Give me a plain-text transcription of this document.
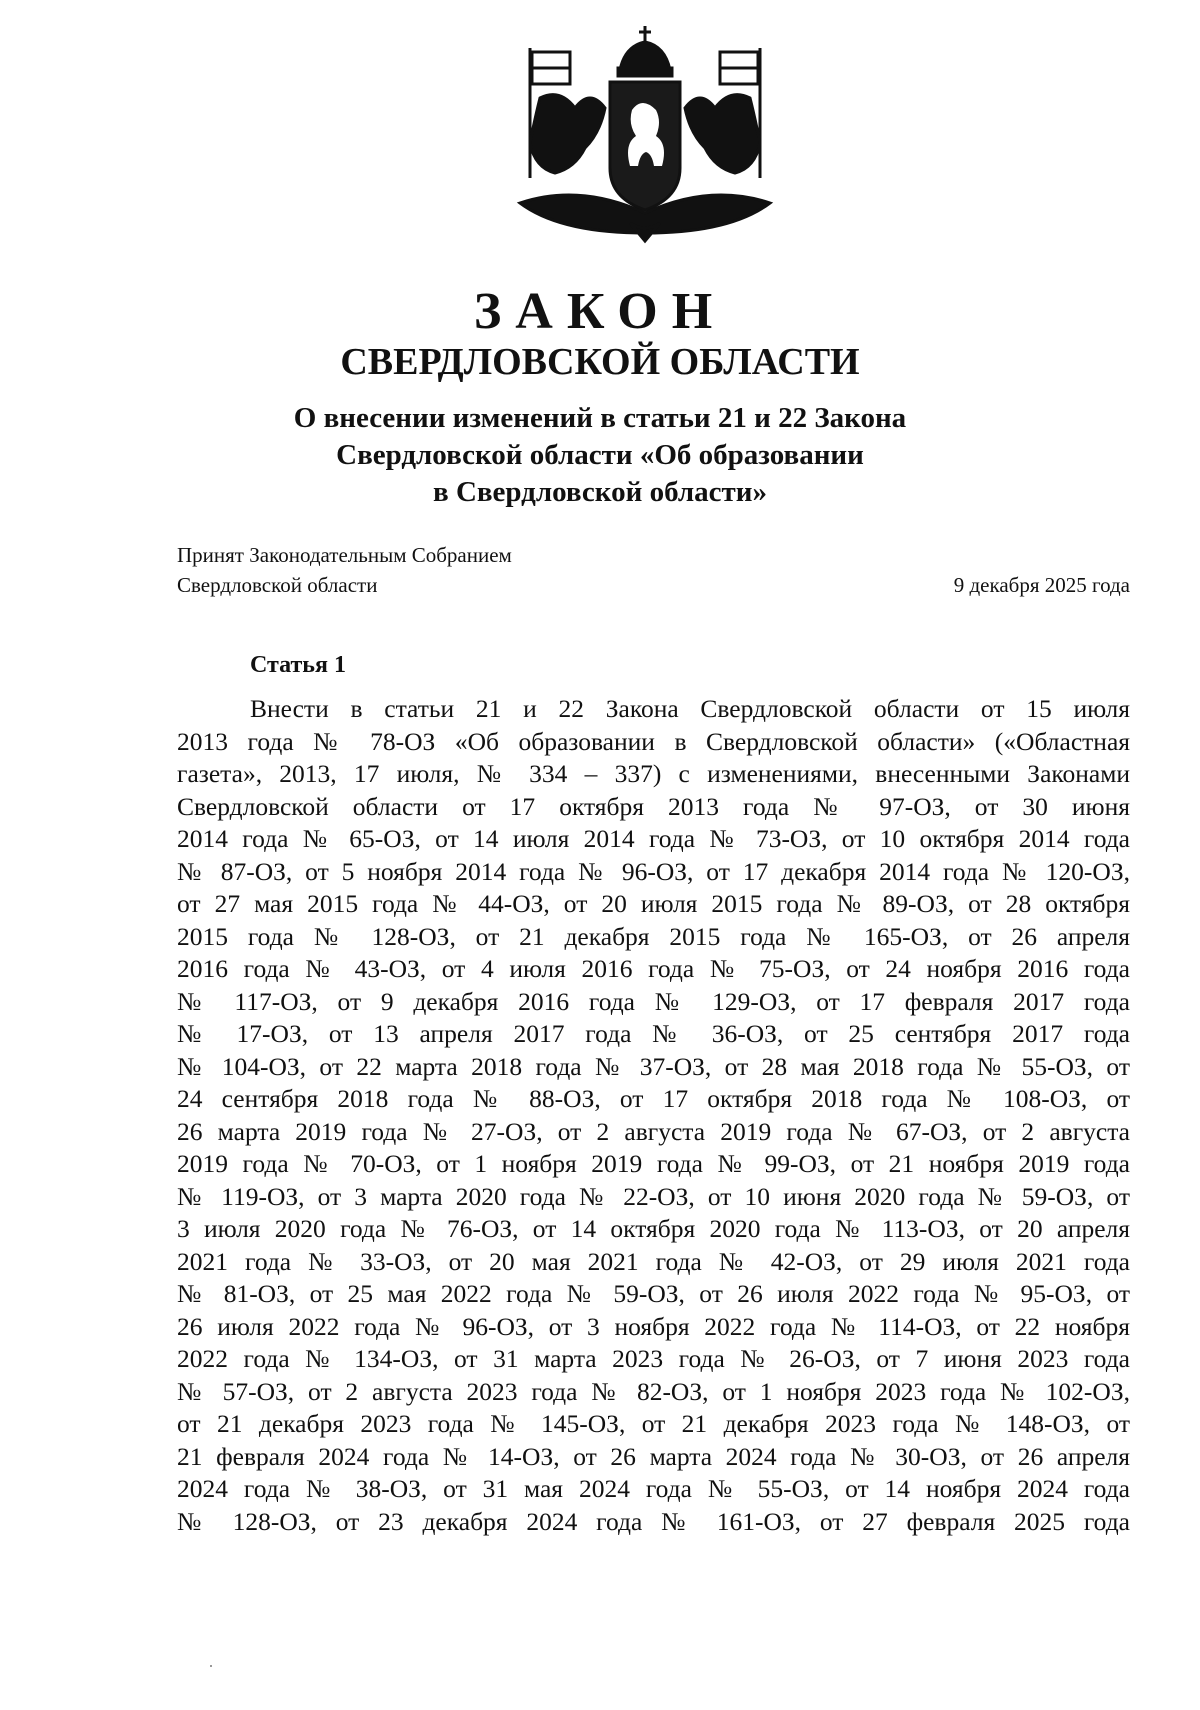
ЗАКОН
СВЕРДЛОВСКОЙ ОБЛАСТИ
О внесении изменений в статьи 21 и 22 Закона
Свердловской области «Об образовании
в Свердловской области»
Принят Законодательным Собранием
Свердловской области	9 декабря 2025 года
Статья 1
Внести в статьи 21 и 22 Закона Свердловской области от 15 июля
2013 года № 78-ОЗ «Об образовании в Свердловской области» («Областная
газета», 2013, 17 июля, № 334 – 337) с изменениями, внесенными Законами
Свердловской области от 17 октября 2013 года № 97-ОЗ, от 30 июня
2014 года № 65-ОЗ, от 14 июля 2014 года № 73-ОЗ, от 10 октября 2014 года
№ 87-ОЗ, от 5 ноября 2014 года № 96-ОЗ, от 17 декабря 2014 года № 120-ОЗ,
от 27 мая 2015 года № 44-ОЗ, от 20 июля 2015 года № 89-ОЗ, от 28 октября
2015 года № 128-ОЗ, от 21 декабря 2015 года № 165-ОЗ, от 26 апреля
2016 года № 43-ОЗ, от 4 июля 2016 года № 75-ОЗ, от 24 ноября 2016 года
№ 117-ОЗ, от 9 декабря 2016 года № 129-ОЗ, от 17 февраля 2017 года
№ 17-ОЗ, от 13 апреля 2017 года № 36-ОЗ, от 25 сентября 2017 года
№ 104-ОЗ, от 22 марта 2018 года № 37-ОЗ, от 28 мая 2018 года № 55-ОЗ, от
24 сентября 2018 года № 88-ОЗ, от 17 октября 2018 года № 108-ОЗ, от
26 марта 2019 года № 27-ОЗ, от 2 августа 2019 года № 67-ОЗ, от 2 августа
2019 года № 70-ОЗ, от 1 ноября 2019 года № 99-ОЗ, от 21 ноября 2019 года
№ 119-ОЗ, от 3 марта 2020 года № 22-ОЗ, от 10 июня 2020 года № 59-ОЗ, от
3 июля 2020 года № 76-ОЗ, от 14 октября 2020 года № 113-ОЗ, от 20 апреля
2021 года № 33-ОЗ, от 20 мая 2021 года № 42-ОЗ, от 29 июля 2021 года
№ 81-ОЗ, от 25 мая 2022 года № 59-ОЗ, от 26 июля 2022 года № 95-ОЗ, от
26 июля 2022 года № 96-ОЗ, от 3 ноября 2022 года № 114-ОЗ, от 22 ноября
2022 года № 134-ОЗ, от 31 марта 2023 года № 26-ОЗ, от 7 июня 2023 года
№ 57-ОЗ, от 2 августа 2023 года № 82-ОЗ, от 1 ноября 2023 года № 102-ОЗ,
от 21 декабря 2023 года № 145-ОЗ, от 21 декабря 2023 года № 148-ОЗ, от
21 февраля 2024 года № 14-ОЗ, от 26 марта 2024 года № 30-ОЗ, от 26 апреля
2024 года № 38-ОЗ, от 31 мая 2024 года № 55-ОЗ, от 14 ноября 2024 года
№ 128-ОЗ, от 23 декабря 2024 года № 161-ОЗ, от 27 февраля 2025 года
